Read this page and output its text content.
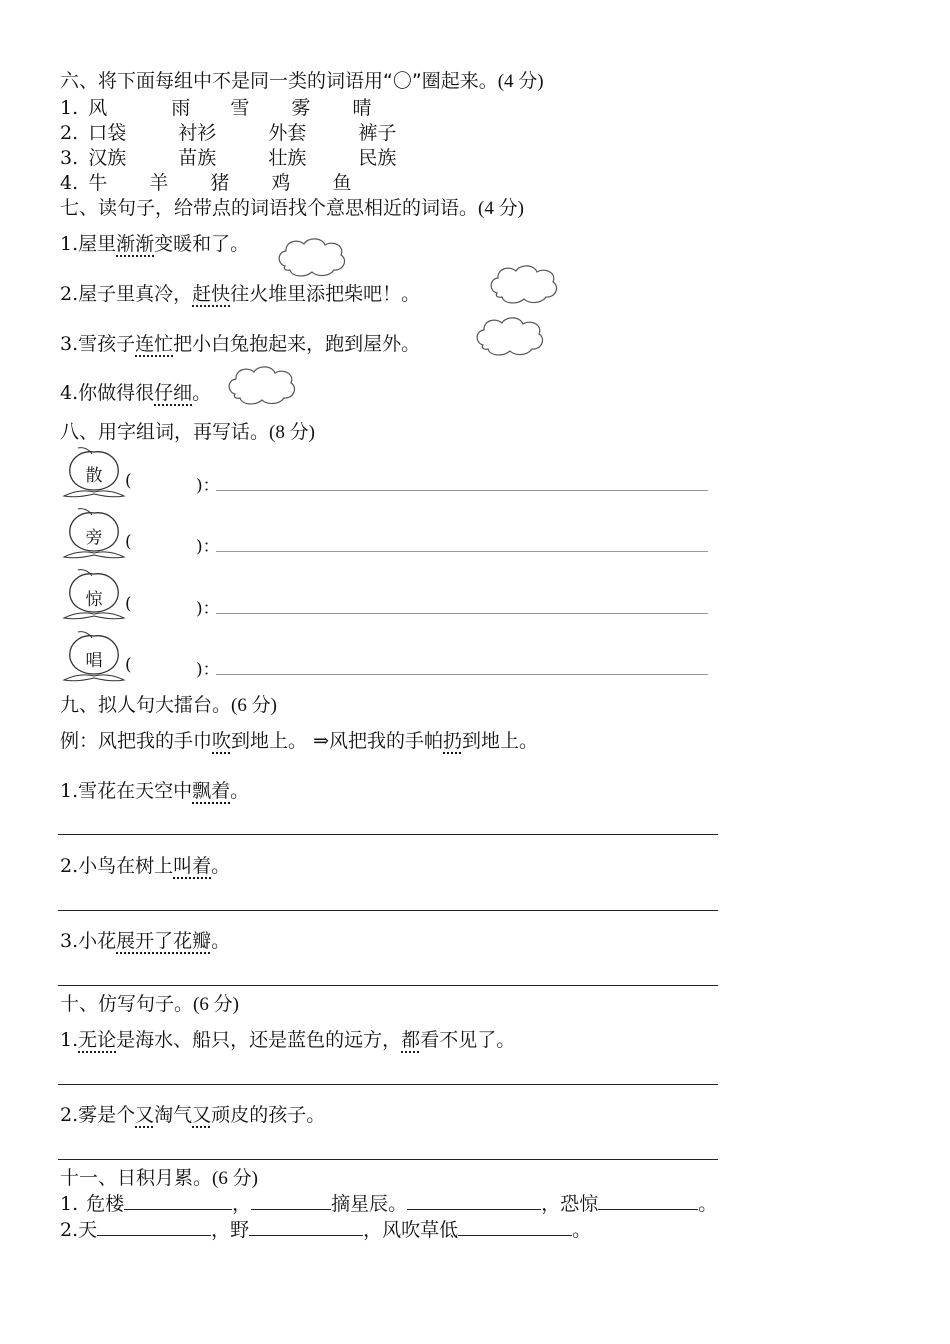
六、将下面每组中不是同一类的词语用“〇”圈起来。(4 分)
1. 风	雨 雪 雾 晴
2. 口袋	衬衫	外套	裤子
3. 汉族	苗族	壮族	民族
4. 牛 羊 猪 鸡 鱼
七、读句子，给带点的词语找个意思相近的词语。(4 分)
1.屋里渐渐变暖和了。
2.屋子里真冷，赶快往火堆里添把柴吧！。
3.雪孩子连忙把小白兔抱起来，跑到屋外。
4.你做得很仔细。
八、用字组词，再写话。(8 分)
散	(	)：
旁	(	)：
惊	(	)：
唱	(	)：
九、拟人句大擂台。(6 分)
例：风把我的手巾吹到地上。 ⇒风把我的手帕扔到地上。
1.雪花在天空中飘着。
2.小鸟在树上叫着。
3.小花展开了花瓣。
十、仿写句子。(6 分)
1.无论是海水、船只，还是蓝色的远方，都看不见了。
2.雾是个又淘气又顽皮的孩子。
十一、日积月累。(6 分)
1. 危楼	，	摘星辰。	，恐惊	。
2.天	，野	，风吹草低	。
